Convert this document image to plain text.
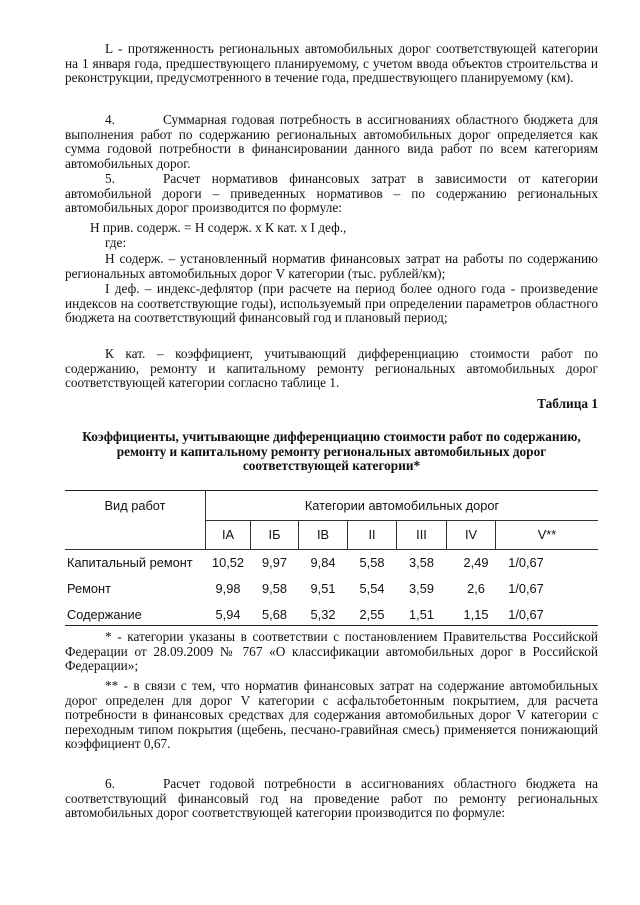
L - протяженность региональных автомобильных дорог соответствующей категории на 1 января года, предшествующего планируемому, с учетом ввода объектов строительства и реконструкции, предусмотренного в течение года, предшествующего планируемому (км).

4.	Суммарная годовая потребность в ассигнованиях областного бюджета для выполнения работ по содержанию региональных автомобильных дорог определяется как сумма годовой потребности в финансировании данного вида работ по всем категориям автомобильных дорог.

5.	Расчет нормативов финансовых затрат в зависимости от категории автомобильной дороги – приведенных нормативов – по содержанию региональных автомобильных дорог производится по формуле:

Н прив. содерж. = Н содерж. х К кат. х I деф.,

где:

Н содерж. – установленный норматив финансовых затрат на работы по содержанию региональных автомобильных дорог V категории (тыс. рублей/км);

I деф. – индекс-дефлятор (при расчете на период более одного года - произведение индексов на соответствующие годы), используемый при определении параметров областного бюджета на соответствующий финансовый год и плановый период;

К кат. – коэффициент, учитывающий дифференциацию стоимости работ по содержанию, ремонту и капитальному ремонту региональных автомобильных дорог соответствующей категории согласно таблице 1.

Таблица 1

Коэффициенты, учитывающие дифференциацию стоимости работ по содержанию, ремонту и капитальному ремонту региональных автомобильных дорог соответствующей категории*

Вид работ	Категории автомобильных дорог
IA	IБ	IB	II	III	IV	V**
Капитальный ремонт	10,52	9,97	9,84	5,58	3,58	2,49	1/0,67
Ремонт	9,98	9,58	9,51	5,54	3,59	2,6	1/0,67
Содержание	5,94	5,68	5,32	2,55	1,51	1,15	1/0,67

* - категории указаны в соответствии с постановлением Правительства Российской Федерации от 28.09.2009 № 767 «О классификации автомобильных дорог в Российской Федерации»;

** - в связи с тем, что норматив финансовых затрат на содержание автомобильных дорог определен для дорог V категории с асфальтобетонным покрытием, для расчета потребности в финансовых средствах для содержания автомобильных дорог V категории с переходным типом покрытия (щебень, песчано-гравийная смесь) применяется понижающий коэффициент 0,67.

6.	Расчет годовой потребности в ассигнованиях областного бюджета на соответствующий финансовый год на проведение работ по ремонту региональных автомобильных дорог соответствующей категории производится по формуле:
